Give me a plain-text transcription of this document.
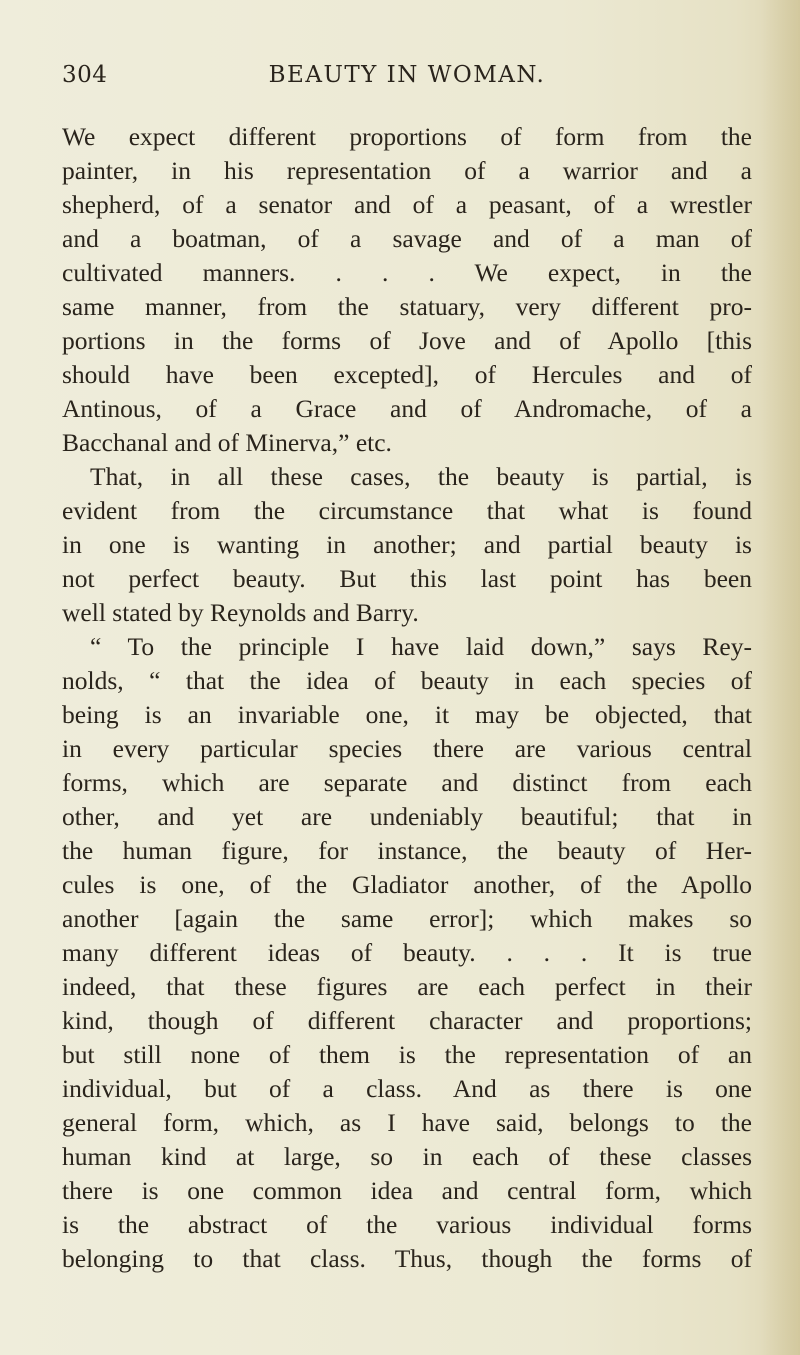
304	BEAUTY IN WOMAN.
We expect different proportions of form from the
painter, in his representation of a warrior and a
shepherd, of a senator and of a peasant, of a wrestler
and a boatman, of a savage and of a man of
cultivated manners. . . . We expect, in the
same manner, from the statuary, very different pro-
portions in the forms of Jove and of Apollo [this
should have been excepted], of Hercules and of
Antinous, of a Grace and of Andromache, of a
Bacchanal and of Minerva,” etc.
That, in all these cases, the beauty is partial, is
evident from the circumstance that what is found
in one is wanting in another; and partial beauty is
not perfect beauty. But this last point has been
well stated by Reynolds and Barry.
“ To the principle I have laid down,” says Rey-
nolds, “ that the idea of beauty in each species of
being is an invariable one, it may be objected, that
in every particular species there are various central
forms, which are separate and distinct from each
other, and yet are undeniably beautiful; that in
the human figure, for instance, the beauty of Her-
cules is one, of the Gladiator another, of the Apollo
another [again the same error]; which makes so
many different ideas of beauty. . . . It is true
indeed, that these figures are each perfect in their
kind, though of different character and proportions;
but still none of them is the representation of an
individual, but of a class. And as there is one
general form, which, as I have said, belongs to the
human kind at large, so in each of these classes
there is one common idea and central form, which
is the abstract of the various individual forms
belonging to that class. Thus, though the forms of
